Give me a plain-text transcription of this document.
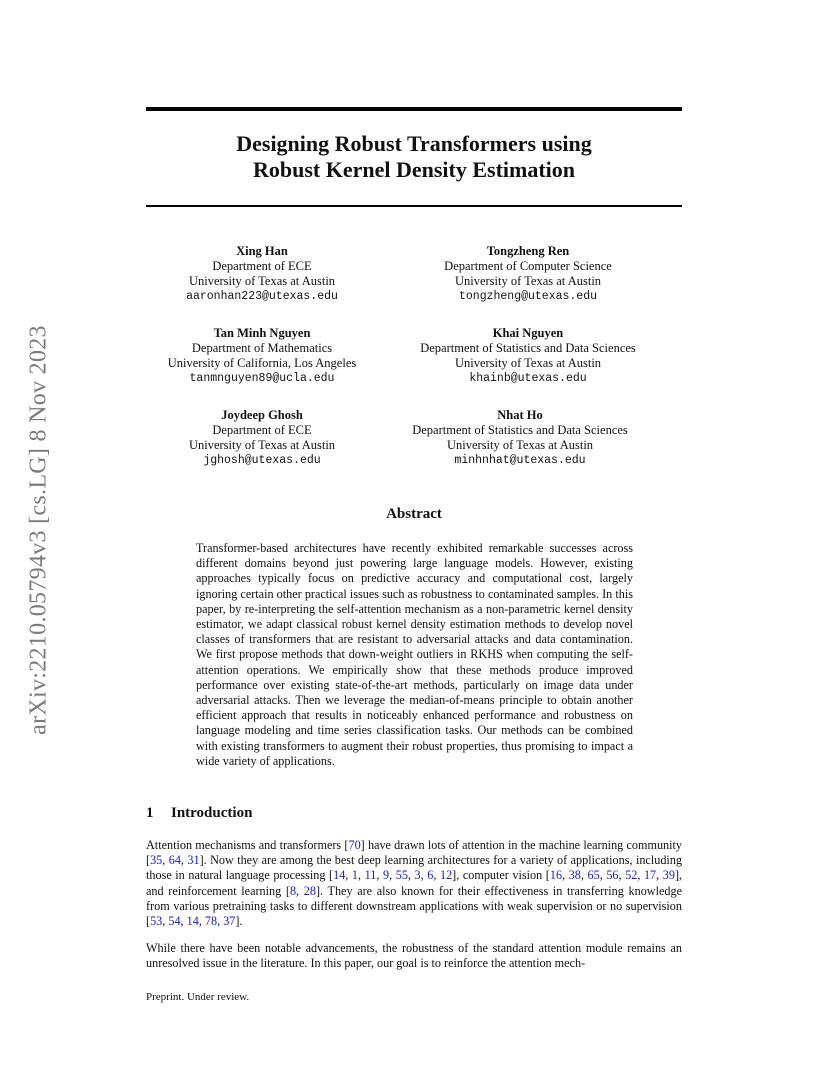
arXiv:2210.05794v3 [cs.LG] 8 Nov 2023
Designing Robust Transformers using
Robust Kernel Density Estimation
Xing Han
Department of ECE
University of Texas at Austin
aaronhan223@utexas.edu
Tongzheng Ren
Department of Computer Science
University of Texas at Austin
tongzheng@utexas.edu
Tan Minh Nguyen
Department of Mathematics
University of California, Los Angeles
tanmnguyen89@ucla.edu
Khai Nguyen
Department of Statistics and Data Sciences
University of Texas at Austin
khainb@utexas.edu
Joydeep Ghosh
Department of ECE
University of Texas at Austin
jghosh@utexas.edu
Nhat Ho
Department of Statistics and Data Sciences
University of Texas at Austin
minhnhat@utexas.edu
Abstract

Transformer-based architectures have recently exhibited remarkable successes across different domains beyond just powering large language models. However, existing approaches typically focus on predictive accuracy and computational cost, largely ignoring certain other practical issues such as robustness to contaminated samples. In this paper, by re-interpreting the self-attention mechanism as a non-parametric kernel density estimator, we adapt classical robust kernel density estimation methods to develop novel classes of transformers that are resistant to adversarial attacks and data contamination. We first propose methods that down-weight outliers in RKHS when computing the self-attention operations. We empirically show that these methods produce improved performance over existing state-of-the-art methods, particularly on image data under adversarial attacks. Then we leverage the median-of-means principle to obtain another efficient approach that results in noticeably enhanced performance and robustness on language modeling and time series classification tasks. Our methods can be combined with existing transformers to augment their robust properties, thus promising to impact a wide variety of applications.

1 Introduction

Attention mechanisms and transformers [70] have drawn lots of attention in the machine learning community [35, 64, 31]. Now they are among the best deep learning architectures for a variety of applications, including those in natural language processing [14, 1, 11, 9, 55, 3, 6, 12], computer vision [16, 38, 65, 56, 52, 17, 39], and reinforcement learning [8, 28]. They are also known for their effectiveness in transferring knowledge from various pretraining tasks to different downstream applications with weak supervision or no supervision [53, 54, 14, 78, 37].

While there have been notable advancements, the robustness of the standard attention module remains an unresolved issue in the literature. In this paper, our goal is to reinforce the attention mech-

Preprint. Under review.
